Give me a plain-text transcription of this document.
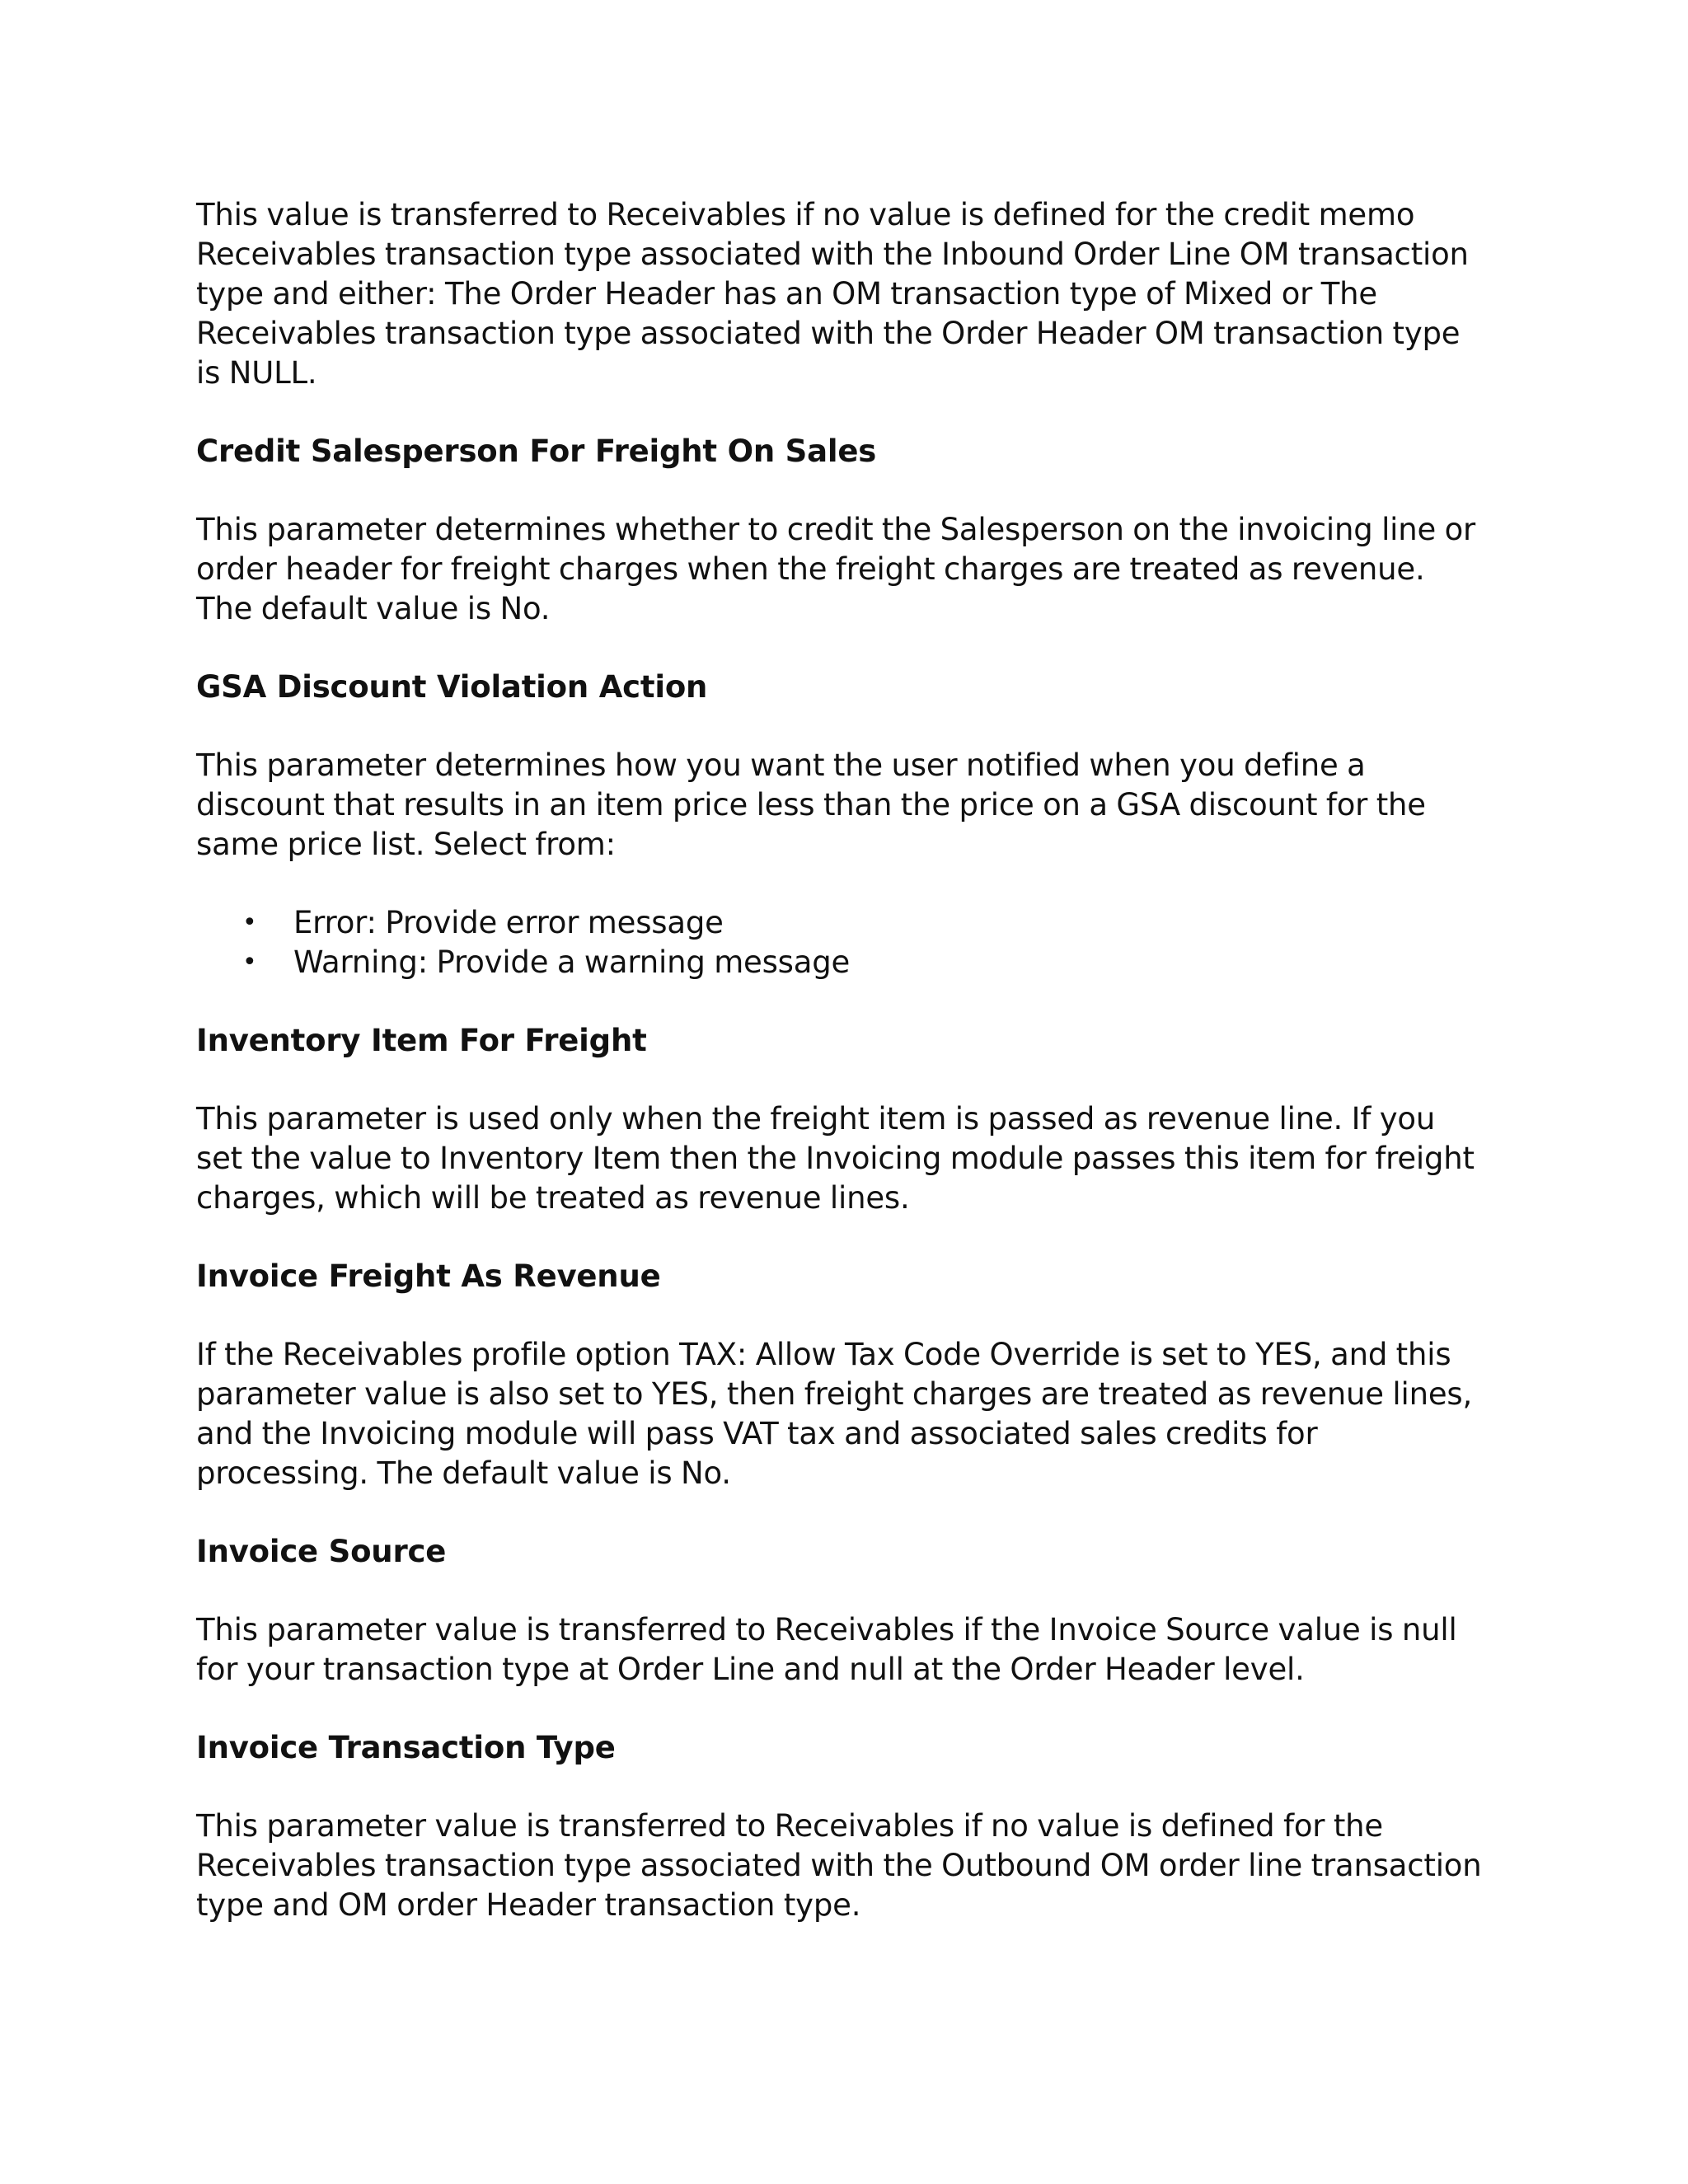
This value is transferred to Receivables if no value is defined for the credit memo Receivables transaction type associated with the Inbound Order Line OM transaction type and either: The Order Header has an OM transaction type of Mixed or The Receivables transaction type associated with the Order Header OM transaction type is NULL.

Credit Salesperson For Freight On Sales

This parameter determines whether to credit the Salesperson on the invoicing line or order header for freight charges when the freight charges are treated as revenue. The default value is No.

GSA Discount Violation Action

This parameter determines how you want the user notified when you define a discount that results in an item price less than the price on a GSA discount for the same price list. Select from:

• Error: Provide error message
• Warning: Provide a warning message
Inventory Item For Freight

This parameter is used only when the freight item is passed as revenue line. If you set the value to Inventory Item then the Invoicing module passes this item for freight charges, which will be treated as revenue lines.

Invoice Freight As Revenue

If the Receivables profile option TAX: Allow Tax Code Override is set to YES, and this parameter value is also set to YES, then freight charges are treated as revenue lines, and the Invoicing module will pass VAT tax and associated sales credits for processing. The default value is No.

Invoice Source

This parameter value is transferred to Receivables if the Invoice Source value is null for your transaction type at Order Line and null at the Order Header level.

Invoice Transaction Type

This parameter value is transferred to Receivables if no value is defined for the Receivables transaction type associated with the Outbound OM order line transaction type and OM order Header transaction type.
